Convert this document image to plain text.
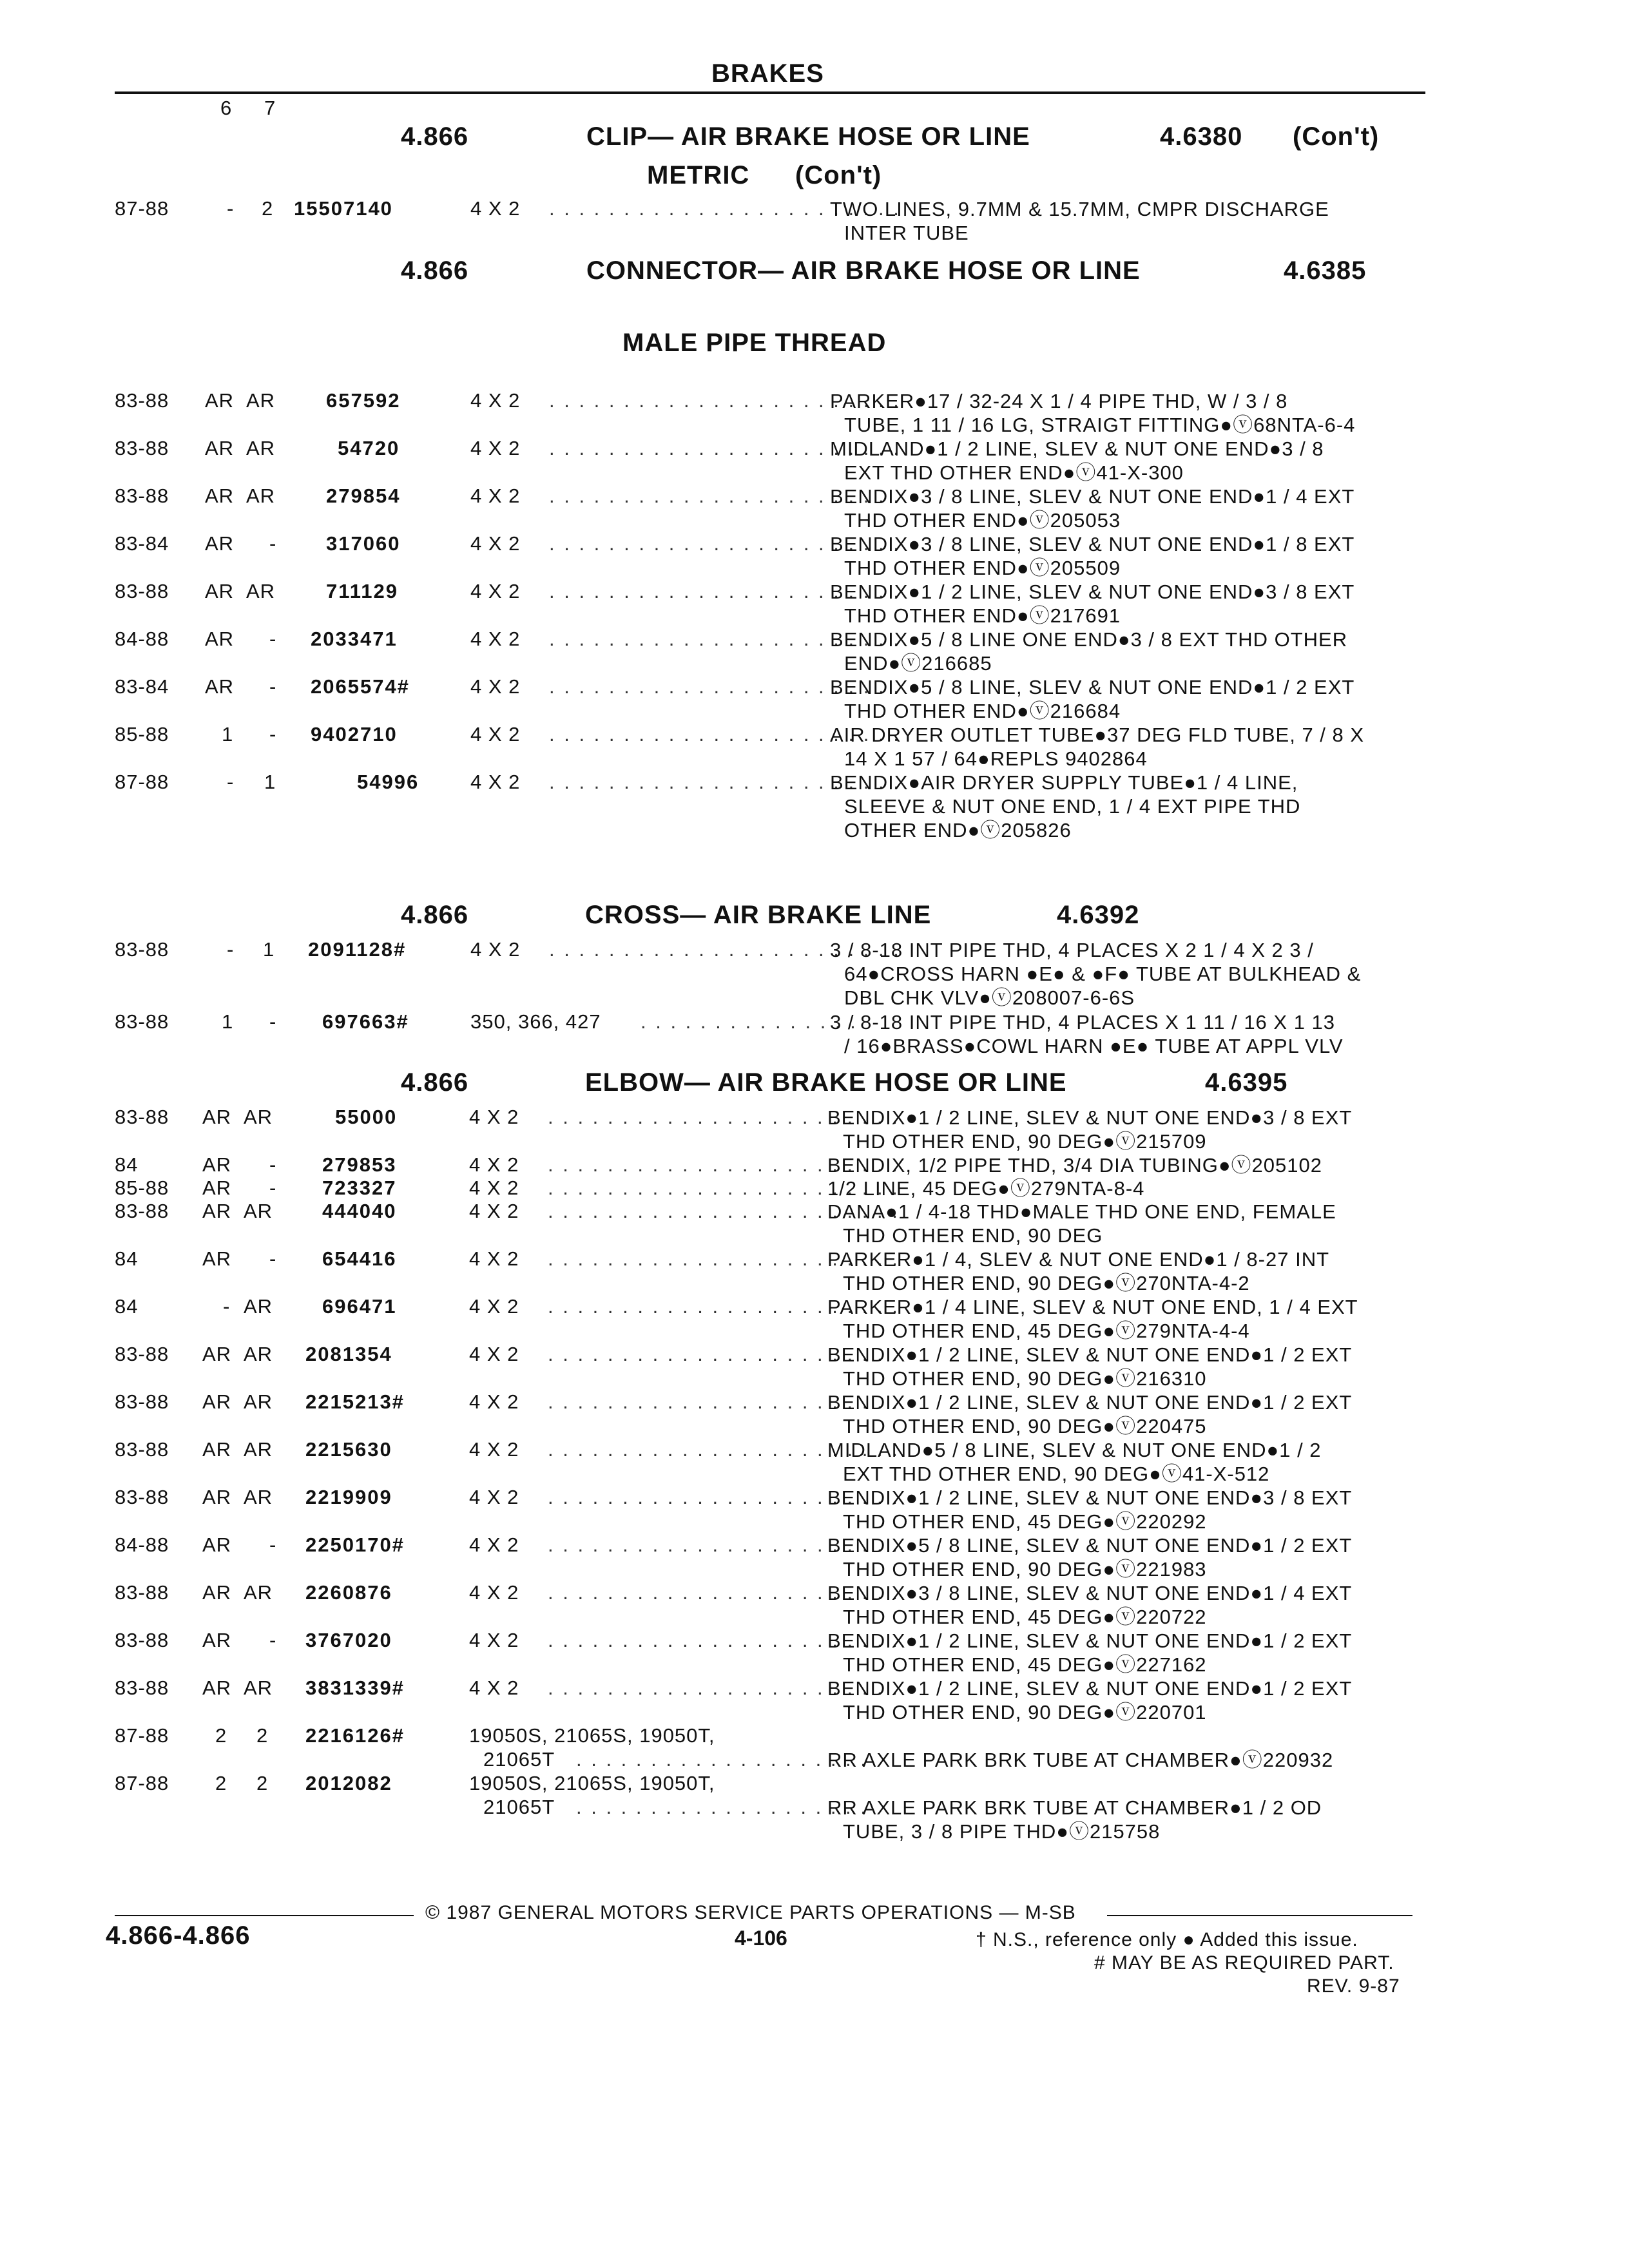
BRAKES
6 7
4.866	CLIP— AIR BRAKE HOSE OR LINE	4.6380 (Con't)
METRIC (Con't)
87-88	- 2 15507140	4 X 2 . . . . . . . . . . . . . . . . . . . . . . . .
TWO LINES, 9.7MM & 15.7MM, CMPR DISCHARGE
INTER TUBE
4.866	CONNECTOR— AIR BRAKE HOSE OR LINE	4.6385
MALE PIPE THREAD
83-88 AR AR	657592	4 X 2 . . . . . . . . . . . . . . . . . . . . . . . .
PARKER●17 / 32-24 X 1 / 4 PIPE THD, W / 3 / 8
TUBE, 1 11 / 16 LG, STRAIGT FITTING●ⓥ68NTA-6-4
83-88 AR AR	54720	4 X 2 . . . . . . . . . . . . . . . . . . . . . . . .
MIDLAND●1 / 2 LINE, SLEV & NUT ONE END●3 / 8
EXT THD OTHER END●ⓥ41-X-300
83-88 AR AR	279854	4 X 2 . . . . . . . . . . . . . . . . . . . . . . . .
BENDIX●3 / 8 LINE, SLEV & NUT ONE END●1 / 4 EXT
THD OTHER END●ⓥ205053
83-84 AR - 317060	4 X 2 . . . . . . . . . . . . . . . . . . . . . . . .
BENDIX●3 / 8 LINE, SLEV & NUT ONE END●1 / 8 EXT
THD OTHER END●ⓥ205509
83-88 AR AR	711129	4 X 2 . . . . . . . . . . . . . . . . . . . . . . . .
BENDIX●1 / 2 LINE, SLEV & NUT ONE END●3 / 8 EXT
THD OTHER END●ⓥ217691
84-88 AR - 2033471	4 X 2 . . . . . . . . . . . . . . . . . . . . . . . .
BENDIX●5 / 8 LINE ONE END●3 / 8 EXT THD OTHER
END●ⓥ216685
83-84 AR - 2065574#	4 X 2 . . . . . . . . . . . . . . . . . . . . . . . .
BENDIX●5 / 8 LINE, SLEV & NUT ONE END●1 / 2 EXT
THD OTHER END●ⓥ216684
85-88	1 - 9402710	4 X 2 . . . . . . . . . . . . . . . . . . . . . . . .
AIR DRYER OUTLET TUBE●37 DEG FLD TUBE, 7 / 8 X
14 X 1 57 / 64●REPLS 9402864
87-88	- 1	54996	4 X 2 . . . . . . . . . . . . . . . . . . . . . . . .
BENDIX●AIR DRYER SUPPLY TUBE●1 / 4 LINE,
SLEEVE & NUT ONE END, 1 / 4 EXT PIPE THD
OTHER END●ⓥ205826
4.866	CROSS— AIR BRAKE LINE	4.6392
83-88	- 1 2091128#	4 X 2 . . . . . . . . . . . . . . . . . . . . . . . .
3 / 8-18 INT PIPE THD, 4 PLACES X 2 1 / 4 X 2 3 /
64●CROSS HARN ●E● & ●F● TUBE AT BULKHEAD &
DBL CHK VLV●ⓥ208007-6-6S
83-88	1 - 697663#	350, 366, 427 . . . . . . . . . . . . . . .
3 / 8-18 INT PIPE THD, 4 PLACES X 1 11 / 16 X 1 13
/ 16●BRASS●COWL HARN ●E● TUBE AT APPL VLV
4.866	ELBOW— AIR BRAKE HOSE OR LINE	4.6395
83-88 AR AR	55000	4 X 2 . . . . . . . . . . . . . . . . . . . . . . . .
BENDIX●1 / 2 LINE, SLEV & NUT ONE END●3 / 8 EXT
THD OTHER END, 90 DEG●ⓥ215709
84	AR - 279853	4 X 2 . . . . . . . . . . . . . . . . . . . . . . . .
BENDIX, 1/2 PIPE THD, 3/4 DIA TUBING●ⓥ205102
85-88 AR - 723327	4 X 2 . . . . . . . . . . . . . . . . . . . . . . . .
1/2 LINE, 45 DEG●ⓥ279NTA-8-4
83-88 AR AR 444040	4 X 2 . . . . . . . . . . . . . . . . . . . . . . . .
DANA●1 / 4-18 THD●MALE THD ONE END, FEMALE
THD OTHER END, 90 DEG
84	AR - 654416	4 X 2 . . . . . . . . . . . . . . . . . . . . . . . .
PARKER●1 / 4, SLEV & NUT ONE END●1 / 8-27 INT
THD OTHER END, 90 DEG●ⓥ270NTA-4-2
84	- AR 696471	4 X 2 . . . . . . . . . . . . . . . . . . . . . . . .
PARKER●1 / 4 LINE, SLEV & NUT ONE END, 1 / 4 EXT
THD OTHER END, 45 DEG●ⓥ279NTA-4-4
83-88 AR AR 2081354	4 X 2 . . . . . . . . . . . . . . . . . . . . . . . .
BENDIX●1 / 2 LINE, SLEV & NUT ONE END●1 / 2 EXT
THD OTHER END, 90 DEG●ⓥ216310
83-88 AR AR 2215213#	4 X 2 . . . . . . . . . . . . . . . . . . . . . . . .
BENDIX●1 / 2 LINE, SLEV & NUT ONE END●1 / 2 EXT
THD OTHER END, 90 DEG●ⓥ220475
83-88 AR AR 2215630	4 X 2 . . . . . . . . . . . . . . . . . . . . . . . .
MIDLAND●5 / 8 LINE, SLEV & NUT ONE END●1 / 2
EXT THD OTHER END, 90 DEG●ⓥ41-X-512
83-88 AR AR 2219909	4 X 2 . . . . . . . . . . . . . . . . . . . . . . . .
BENDIX●1 / 2 LINE, SLEV & NUT ONE END●3 / 8 EXT
THD OTHER END, 45 DEG●ⓥ220292
84-88 AR - 2250170#	4 X 2 . . . . . . . . . . . . . . . . . . . . . . . .
BENDIX●5 / 8 LINE, SLEV & NUT ONE END●1 / 2 EXT
THD OTHER END, 90 DEG●ⓥ221983
83-88 AR AR 2260876	4 X 2 . . . . . . . . . . . . . . . . . . . . . . . .
BENDIX●3 / 8 LINE, SLEV & NUT ONE END●1 / 4 EXT
THD OTHER END, 45 DEG●ⓥ220722
83-88 AR - 3767020	4 X 2 . . . . . . . . . . . . . . . . . . . . . . . .
BENDIX●1 / 2 LINE, SLEV & NUT ONE END●1 / 2 EXT
THD OTHER END, 45 DEG●ⓥ227162
83-88 AR AR 3831339#	4 X 2 . . . . . . . . . . . . . . . . . . . . . . . .
BENDIX●1 / 2 LINE, SLEV & NUT ONE END●1 / 2 EXT
THD OTHER END, 90 DEG●ⓥ220701
87-88 2 2 2216126#	19050S, 21065S, 19050T,
21065T . . . . . . . . . . . . . . . . . . . .
RR AXLE PARK BRK TUBE AT CHAMBER●ⓥ220932
87-88 2 2 2012082	19050S, 21065S, 19050T,
21065T . . . . . . . . . . . . . . . . . . . .
RR AXLE PARK BRK TUBE AT CHAMBER●1 / 2 OD
TUBE, 3 / 8 PIPE THD●ⓥ215758
© 1987 GENERAL MOTORS SERVICE PARTS OPERATIONS — M-SB
4.866-4.866	4-106	† N.S., reference only ● Added this issue.
# MAY BE AS REQUIRED PART.
REV. 9-87
